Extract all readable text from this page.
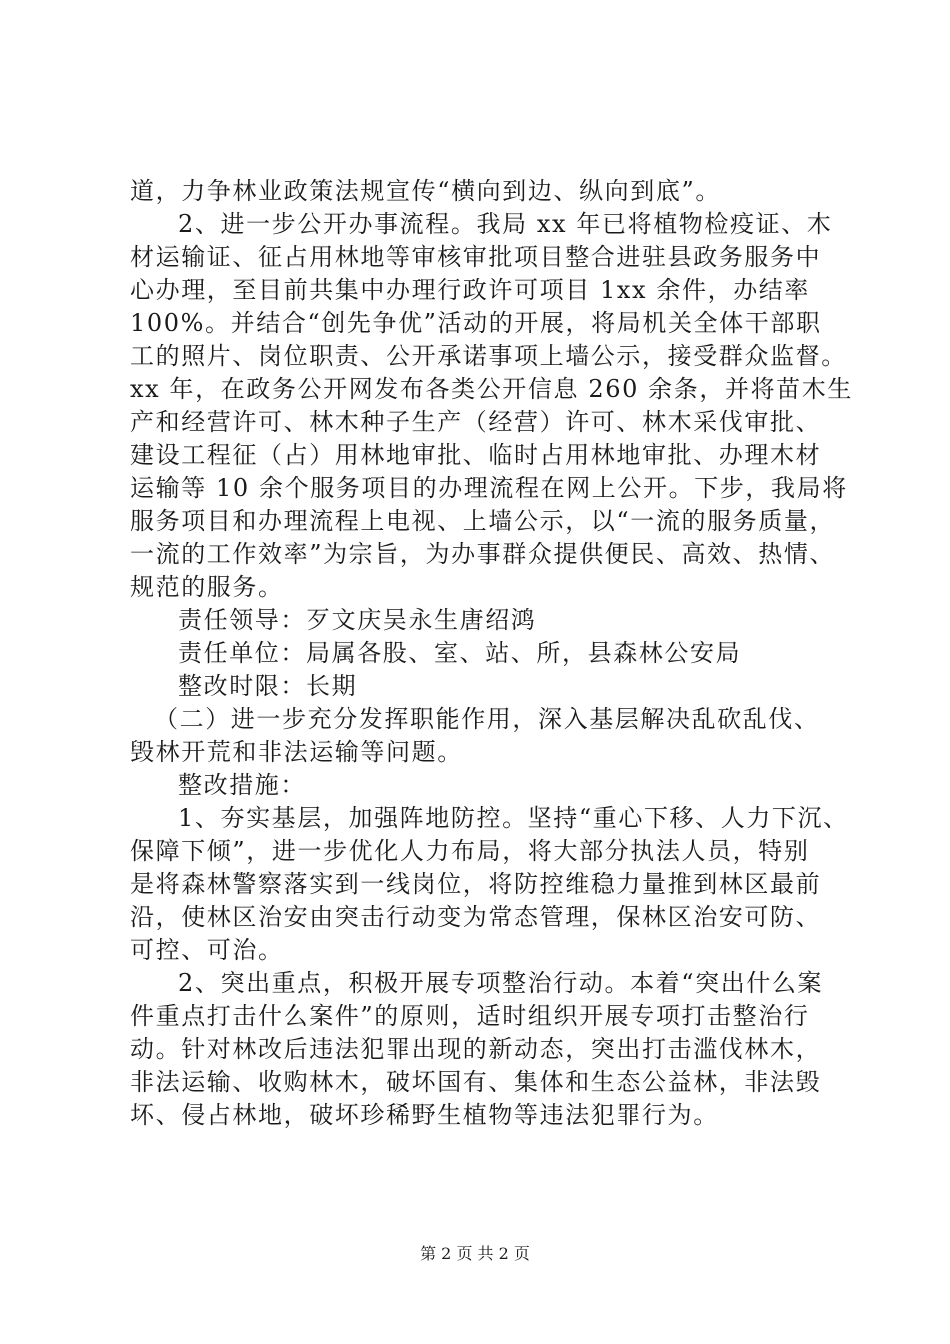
道，力争林业政策法规宣传“横向到边、纵向到底”。
2、进一步公开办事流程。我局 xx 年已将植物检疫证、木
材运输证、征占用林地等审核审批项目整合进驻县政务服务中
心办理，至目前共集中办理行政许可项目 1xx 余件，办结率
100%。并结合“创先争优”活动的开展，将局机关全体干部职
工的照片、岗位职责、公开承诺事项上墙公示，接受群众监督。
xx 年，在政务公开网发布各类公开信息 260 余条，并将苗木生
产和经营许可、林木种子生产（经营）许可、林木采伐审批、
建设工程征（占）用林地审批、临时占用林地审批、办理木材
运输等 10 余个服务项目的办理流程在网上公开。下步，我局将
服务项目和办理流程上电视、上墙公示，以“一流的服务质量，
一流的工作效率”为宗旨，为办事群众提供便民、高效、热情、
规范的服务。
责任领导：歹文庆吴永生唐绍鸿
责任单位：局属各股、室、站、所，县森林公安局
整改时限：长期
（二）进一步充分发挥职能作用，深入基层解决乱砍乱伐、
毁林开荒和非法运输等问题。
整改措施：
1、夯实基层，加强阵地防控。坚持“重心下移、人力下沉、
保障下倾”，进一步优化人力布局，将大部分执法人员，特别
是将森林警察落实到一线岗位，将防控维稳力量推到林区最前
沿，使林区治安由突击行动变为常态管理，保林区治安可防、
可控、可治。
2、突出重点，积极开展专项整治行动。本着“突出什么案
件重点打击什么案件”的原则，适时组织开展专项打击整治行
动。针对林改后违法犯罪出现的新动态，突出打击滥伐林木，
非法运输、收购林木，破坏国有、集体和生态公益林，非法毁
坏、侵占林地，破坏珍稀野生植物等违法犯罪行为。
第 2 页 共 2 页
